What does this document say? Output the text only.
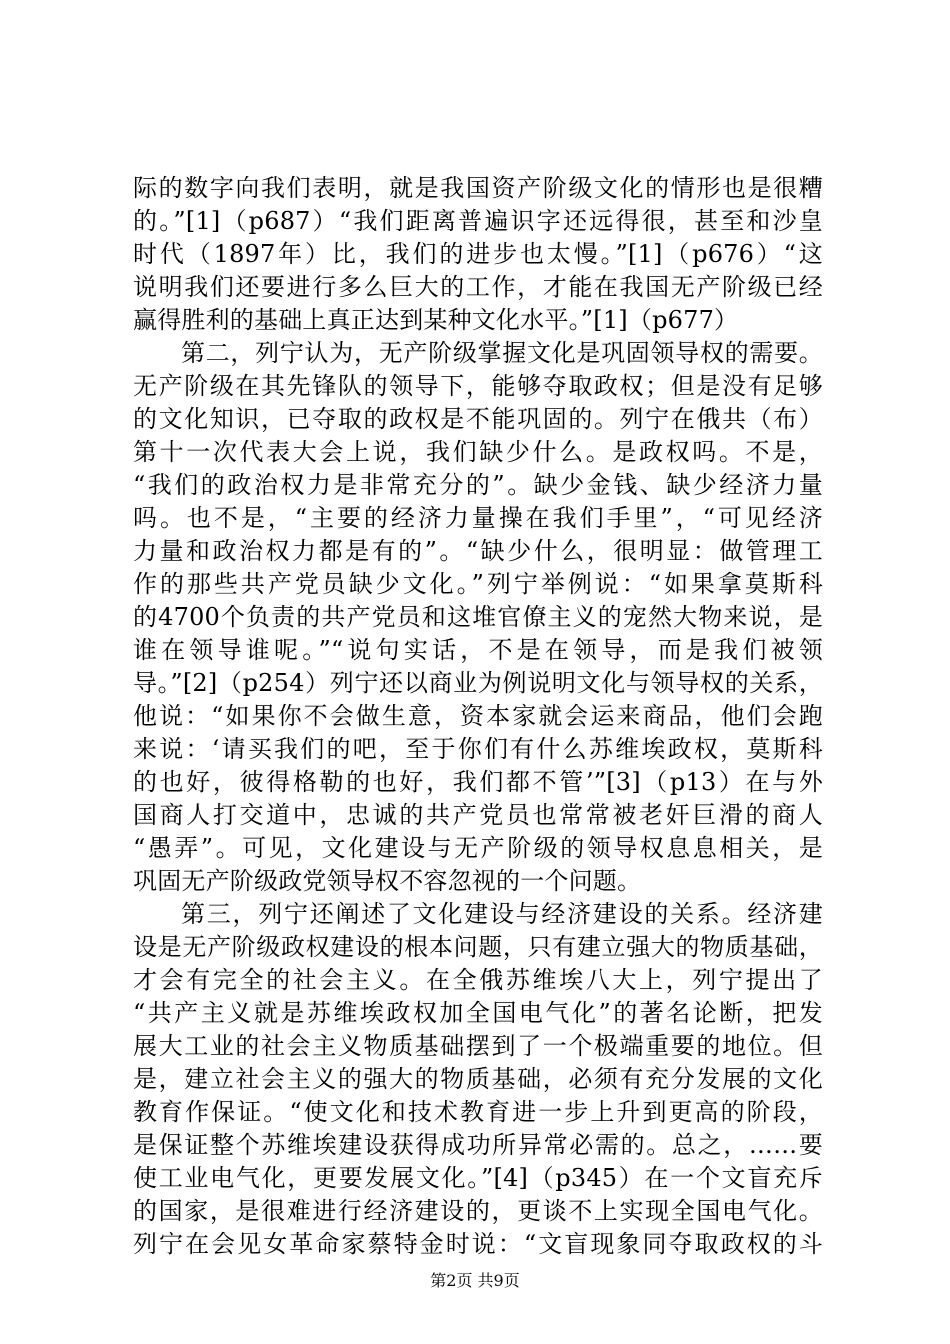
际的数字向我们表明，就是我国资产阶级文化的情形也是很糟
的。”[1]（p687）“我们距离普遍识字还远得很，甚至和沙皇
时代（1897年）比，我们的进步也太慢。”[1]（p676）“这
说明我们还要进行多么巨大的工作，才能在我国无产阶级已经
赢得胜利的基础上真正达到某种文化水平。”[1]（p677）
第二，列宁认为，无产阶级掌握文化是巩固领导权的需要。
无产阶级在其先锋队的领导下，能够夺取政权；但是没有足够
的文化知识，已夺取的政权是不能巩固的。列宁在俄共（布）
第十一次代表大会上说，我们缺少什么。是政权吗。不是，
“我们的政治权力是非常充分的”。缺少金钱、缺少经济力量
吗。也不是，“主要的经济力量操在我们手里”，“可见经济
力量和政治权力都是有的”。“缺少什么，很明显：做管理工
作的那些共产党员缺少文化。”列宁举例说：“如果拿莫斯科
的4700个负责的共产党员和这堆官僚主义的宠然大物来说，是
谁在领导谁呢。”“说句实话，不是在领导，而是我们被领
导。”[2]（p254）列宁还以商业为例说明文化与领导权的关系，
他说：“如果你不会做生意，资本家就会运来商品，他们会跑
来说：‘请买我们的吧，至于你们有什么苏维埃政权，莫斯科
的也好，彼得格勒的也好，我们都不管’”[3]（p13）在与外
国商人打交道中，忠诚的共产党员也常常被老奸巨滑的商人
“愚弄”。可见，文化建设与无产阶级的领导权息息相关，是
巩固无产阶级政党领导权不容忽视的一个问题。
第三，列宁还阐述了文化建设与经济建设的关系。经济建
设是无产阶级政权建设的根本问题，只有建立强大的物质基础，
才会有完全的社会主义。在全俄苏维埃八大上，列宁提出了
“共产主义就是苏维埃政权加全国电气化”的著名论断，把发
展大工业的社会主义物质基础摆到了一个极端重要的地位。但
是，建立社会主义的强大的物质基础，必须有充分发展的文化
教育作保证。“使文化和技术教育进一步上升到更高的阶段，
是保证整个苏维埃建设获得成功所异常必需的。总之，……要
使工业电气化，更要发展文化。”[4]（p345）在一个文盲充斥
的国家，是很难进行经济建设的，更谈不上实现全国电气化。
列宁在会见女革命家蔡特金时说：“文盲现象同夺取政权的斗
第2页 共9页
